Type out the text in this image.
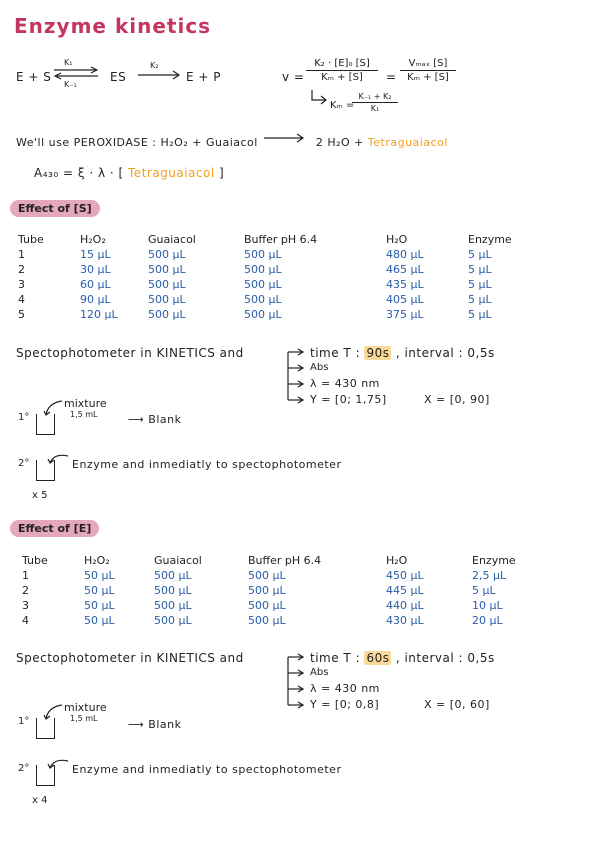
Enzyme kinetics
E + S
K₁
K₋₁
ES
K₂
E + P	$v = \frac{\text{K₂ · [E]₀ [S]}}{\text{Kₘ + [S]}}$ =
Vₘₐₓ [S]
Kₘ + [S]
Kₘ =
$\frac{\text{K₋₁ + K₂}}{\text{K₁}}$
We'll use PEROXIDASE : H₂O₂ + Guaiacol	2 H₂O + Tetraguaiacol
A₄₃₀ = ξ · λ · [ Tetraguaiacol ]
Effect of [S]
Tube	H₂O₂	Guaiacol	Buffer pH 6.4	H₂O	Enzyme
1	15 µL	500 µL	500 µL	480 µL	5 µL
2	30 µL	500 µL	500 µL	465 µL	5 µL
3	60 µL	500 µL	500 µL	435 µL	5 µL
4	90 µL	500 µL	500 µL	405 µL	5 µL
5	120 µL	500 µL	500 µL	375 µL	5 µL
Spectophotometer in KINETICS and	time T : 90s , interval : 0,5s
Abs
λ = 430 nm
Y = [0; 1,75]	X = [0, 90]
1°
mixture
1,5 mL	⟶ Blank
2°	Enzyme and inmediatly to spectophotometer
x 5
Effect of [E]
Tube	H₂O₂	Guaiacol	Buffer pH 6.4	H₂O	Enzyme
1	50 µL	500 µL	500 µL	450 µL	2,5 µL
2	50 µL	500 µL	500 µL	445 µL	5 µL
3	50 µL	500 µL	500 µL	440 µL	10 µL
4	50 µL	500 µL	500 µL	430 µL	20 µL
Spectophotometer in KINETICS and	time T : 60s , interval : 0,5s
Abs
λ = 430 nm
Y = [0; 0,8]	X = [0, 60]
1°
mixture
1,5 mL	⟶ Blank
2°	Enzyme and inmediatly to spectophotometer
x 4
